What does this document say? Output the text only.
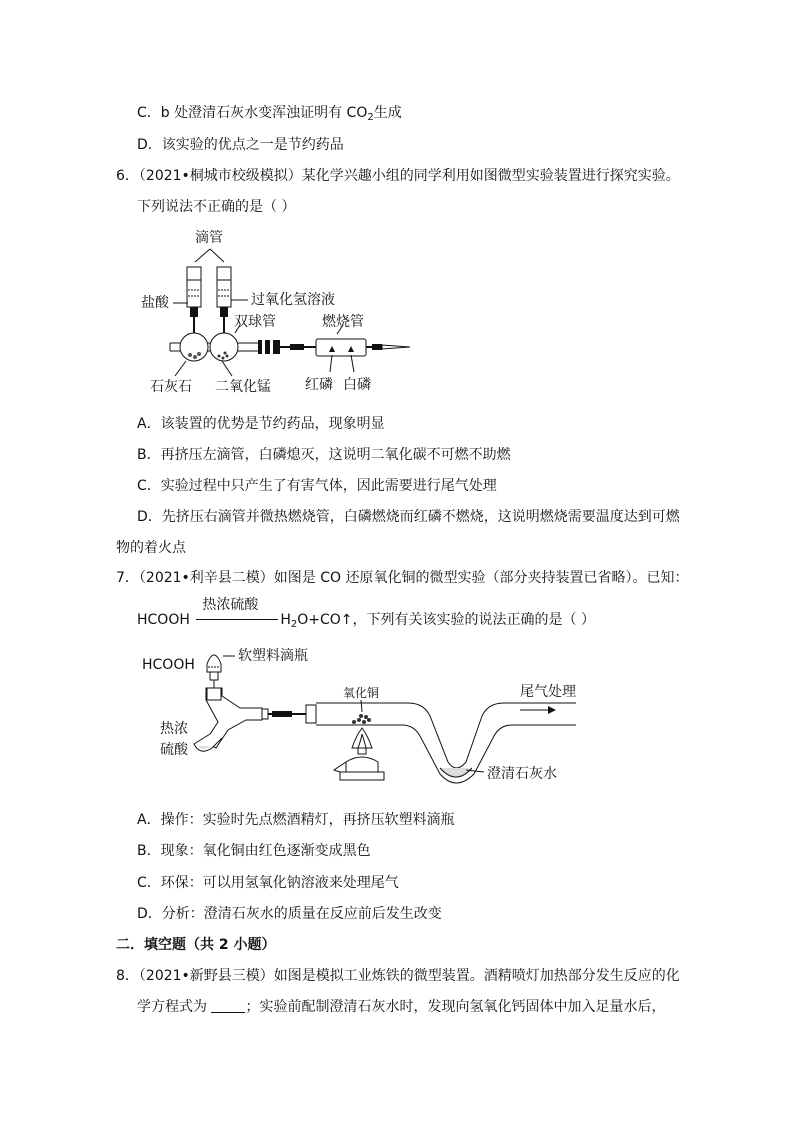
C．b 处澄清石灰水变浑浊证明有 $CO_2$生成
D．该实验的优点之一是节约药品
6．（2021•桐城市校级模拟）某化学兴趣小组的同学利用如图微型实验装置进行探究实验。
下列说法不正确的是（ ）
滴管
盐酸	过氧化氢溶液
双球管	燃烧管
石灰石 二氧化锰 红磷 白磷
A．该装置的优势是节约药品，现象明显
B．再挤压左滴管，白磷熄灭，这说明二氧化碳不可燃不助燃
C．实验过程中只产生了有害气体，因此需要进行尾气处理
D．先挤压右滴管并微热燃烧管，白磷燃烧而红磷不燃烧，这说明燃烧需要温度达到可燃
物的着火点
7．（2021•利辛县二模）如图是 CO 还原氧化铜的微型实验（部分夹持装置已省略）。已知：
HCOOH
热浓硫酸
$H_2O+CO↑$，下列有关该实验的说法正确的是（ ）
HCOOH
软塑料滴瓶
氧化铜	尾气处理
热浓
硫酸
澄清石灰水
A．操作：实验时先点燃酒精灯，再挤压软塑料滴瓶
B．现象：氧化铜由红色逐渐变成黑色
C．环保：可以用氢氧化钠溶液来处理尾气
D．分析：澄清石灰水的质量在反应前后发生改变
二．填空题（共 2 小题）
8．（2021•新野县三模）如图是模拟工业炼铁的微型装置。酒精喷灯加热部分发生反应的化
学方程式为 ；实验前配制澄清石灰水时，发现向氢氧化钙固体中加入足量水后，
